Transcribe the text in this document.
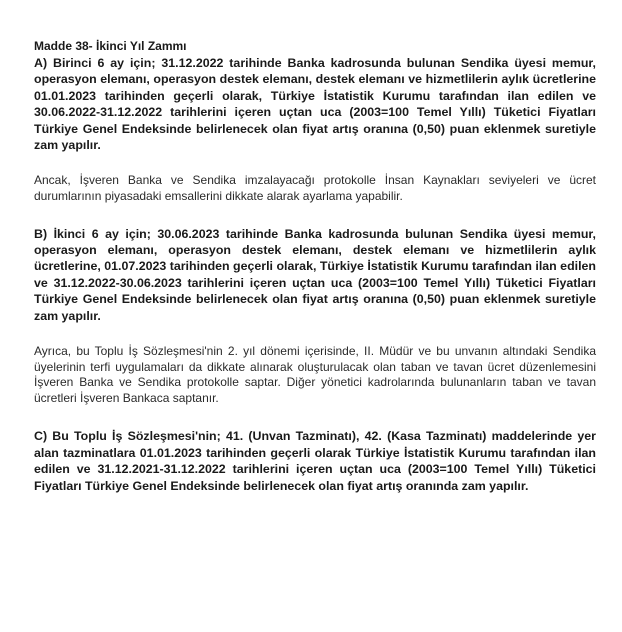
Madde 38- İkinci Yıl Zammı

A) Birinci 6 ay için; 31.12.2022 tarihinde Banka kadrosunda bulunan Sendika üyesi memur, operasyon elemanı, operasyon destek elemanı, destek elemanı ve hizmetlilerin aylık ücretlerine 01.01.2023 tarihinden geçerli olarak, Türkiye İstatistik Kurumu tarafından ilan edilen ve 30.06.2022-31.12.2022 tarihlerini içeren uçtan uca (2003=100 Temel Yıllı) Tüketici Fiyatları Türkiye Genel Endeksinde belirlenecek olan fiyat artış oranına (0,50) puan eklenmek suretiyle zam yapılır.

Ancak, İşveren Banka ve Sendika imzalayacağı protokolle İnsan Kaynakları seviyeleri ve ücret durumlarının piyasadaki emsallerini dikkate alarak ayarlama yapabilir.

B) İkinci 6 ay için; 30.06.2023 tarihinde Banka kadrosunda bulunan Sendika üyesi memur, operasyon elemanı, operasyon destek elemanı, destek elemanı ve hizmetlilerin aylık ücretlerine, 01.07.2023 tarihinden geçerli olarak, Türkiye İstatistik Kurumu tarafından ilan edilen ve 31.12.2022-30.06.2023 tarihlerini içeren uçtan uca (2003=100 Temel Yıllı) Tüketici Fiyatları Türkiye Genel Endeksinde belirlenecek olan fiyat artış oranına (0,50) puan eklenmek suretiyle zam yapılır.

Ayrıca, bu Toplu İş Sözleşmesi'nin 2. yıl dönemi içerisinde, II. Müdür ve bu unvanın altındaki Sendika üyelerinin terfi uygulamaları da dikkate alınarak oluşturulacak olan taban ve tavan ücret düzenlemesini İşveren Banka ve Sendika protokolle saptar. Diğer yönetici kadrolarında bulunanların taban ve tavan ücretleri İşveren Bankaca saptanır.

C) Bu Toplu İş Sözleşmesi'nin; 41. (Unvan Tazminatı), 42. (Kasa Tazminatı) maddelerinde yer alan tazminatlara 01.01.2023 tarihinden geçerli olarak Türkiye İstatistik Kurumu tarafından ilan edilen ve 31.12.2021-31.12.2022 tarihlerini içeren uçtan uca (2003=100 Temel Yıllı) Tüketici Fiyatları Türkiye Genel Endeksinde belirlenecek olan fiyat artış oranında zam yapılır.
